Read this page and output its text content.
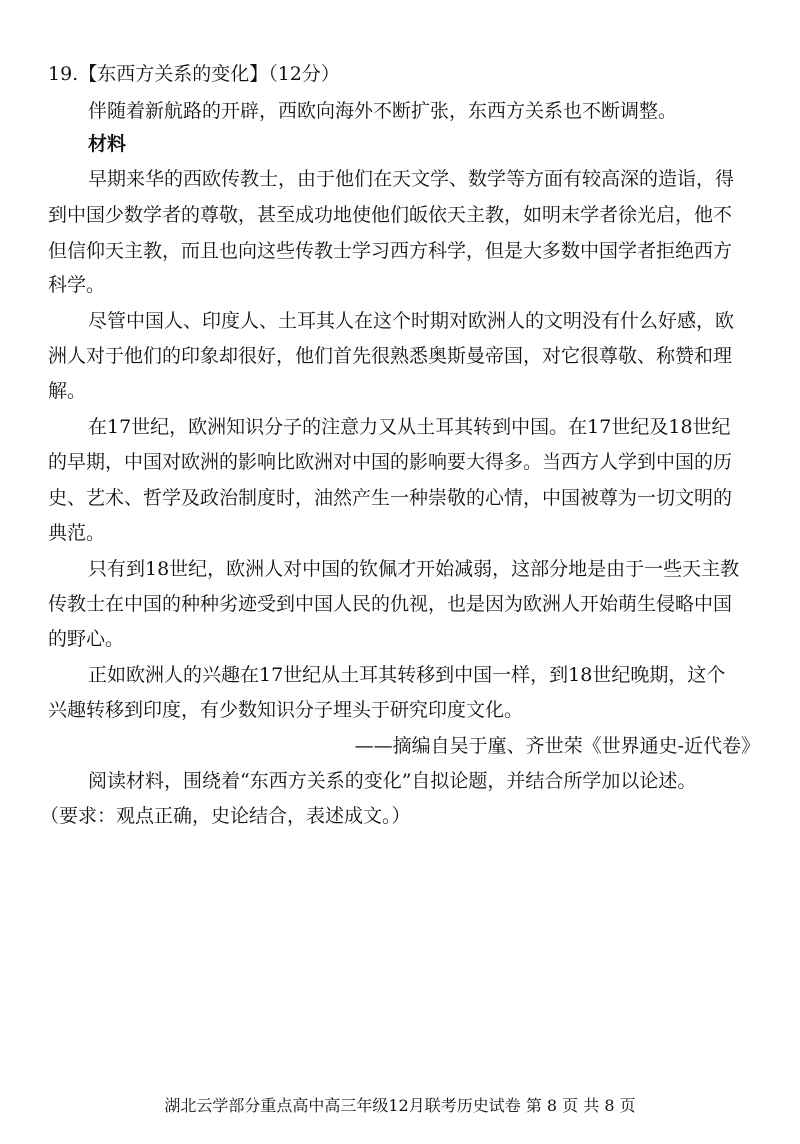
19.【东西方关系的变化】（12分）
伴随着新航路的开辟，西欧向海外不断扩张，东西方关系也不断调整。
材料
早期来华的西欧传教士，由于他们在天文学、数学等方面有较高深的造诣，得
到中国少数学者的尊敬，甚至成功地使他们皈依天主教，如明末学者徐光启，他不
但信仰天主教，而且也向这些传教士学习西方科学，但是大多数中国学者拒绝西方
科学。
尽管中国人、印度人、土耳其人在这个时期对欧洲人的文明没有什么好感，欧
洲人对于他们的印象却很好，他们首先很熟悉奥斯曼帝国，对它很尊敬、称赞和理
解。
在17世纪，欧洲知识分子的注意力又从土耳其转到中国。在17世纪及18世纪
的早期，中国对欧洲的影响比欧洲对中国的影响要大得多。当西方人学到中国的历
史、艺术、哲学及政治制度时，油然产生一种崇敬的心情，中国被尊为一切文明的
典范。
只有到18世纪，欧洲人对中国的钦佩才开始减弱，这部分地是由于一些天主教
传教士在中国的种种劣迹受到中国人民的仇视，也是因为欧洲人开始萌生侵略中国
的野心。
正如欧洲人的兴趣在17世纪从土耳其转移到中国一样，到18世纪晚期，这个
兴趣转移到印度，有少数知识分子埋头于研究印度文化。
——摘编自吴于廑、齐世荣《世界通史-近代卷》
阅读材料，围绕着“东西方关系的变化”自拟论题，并结合所学加以论述。
（要求：观点正确，史论结合，表述成文。）
湖北云学部分重点高中高三年级12月联考历史试卷 第 8 页 共 8 页
